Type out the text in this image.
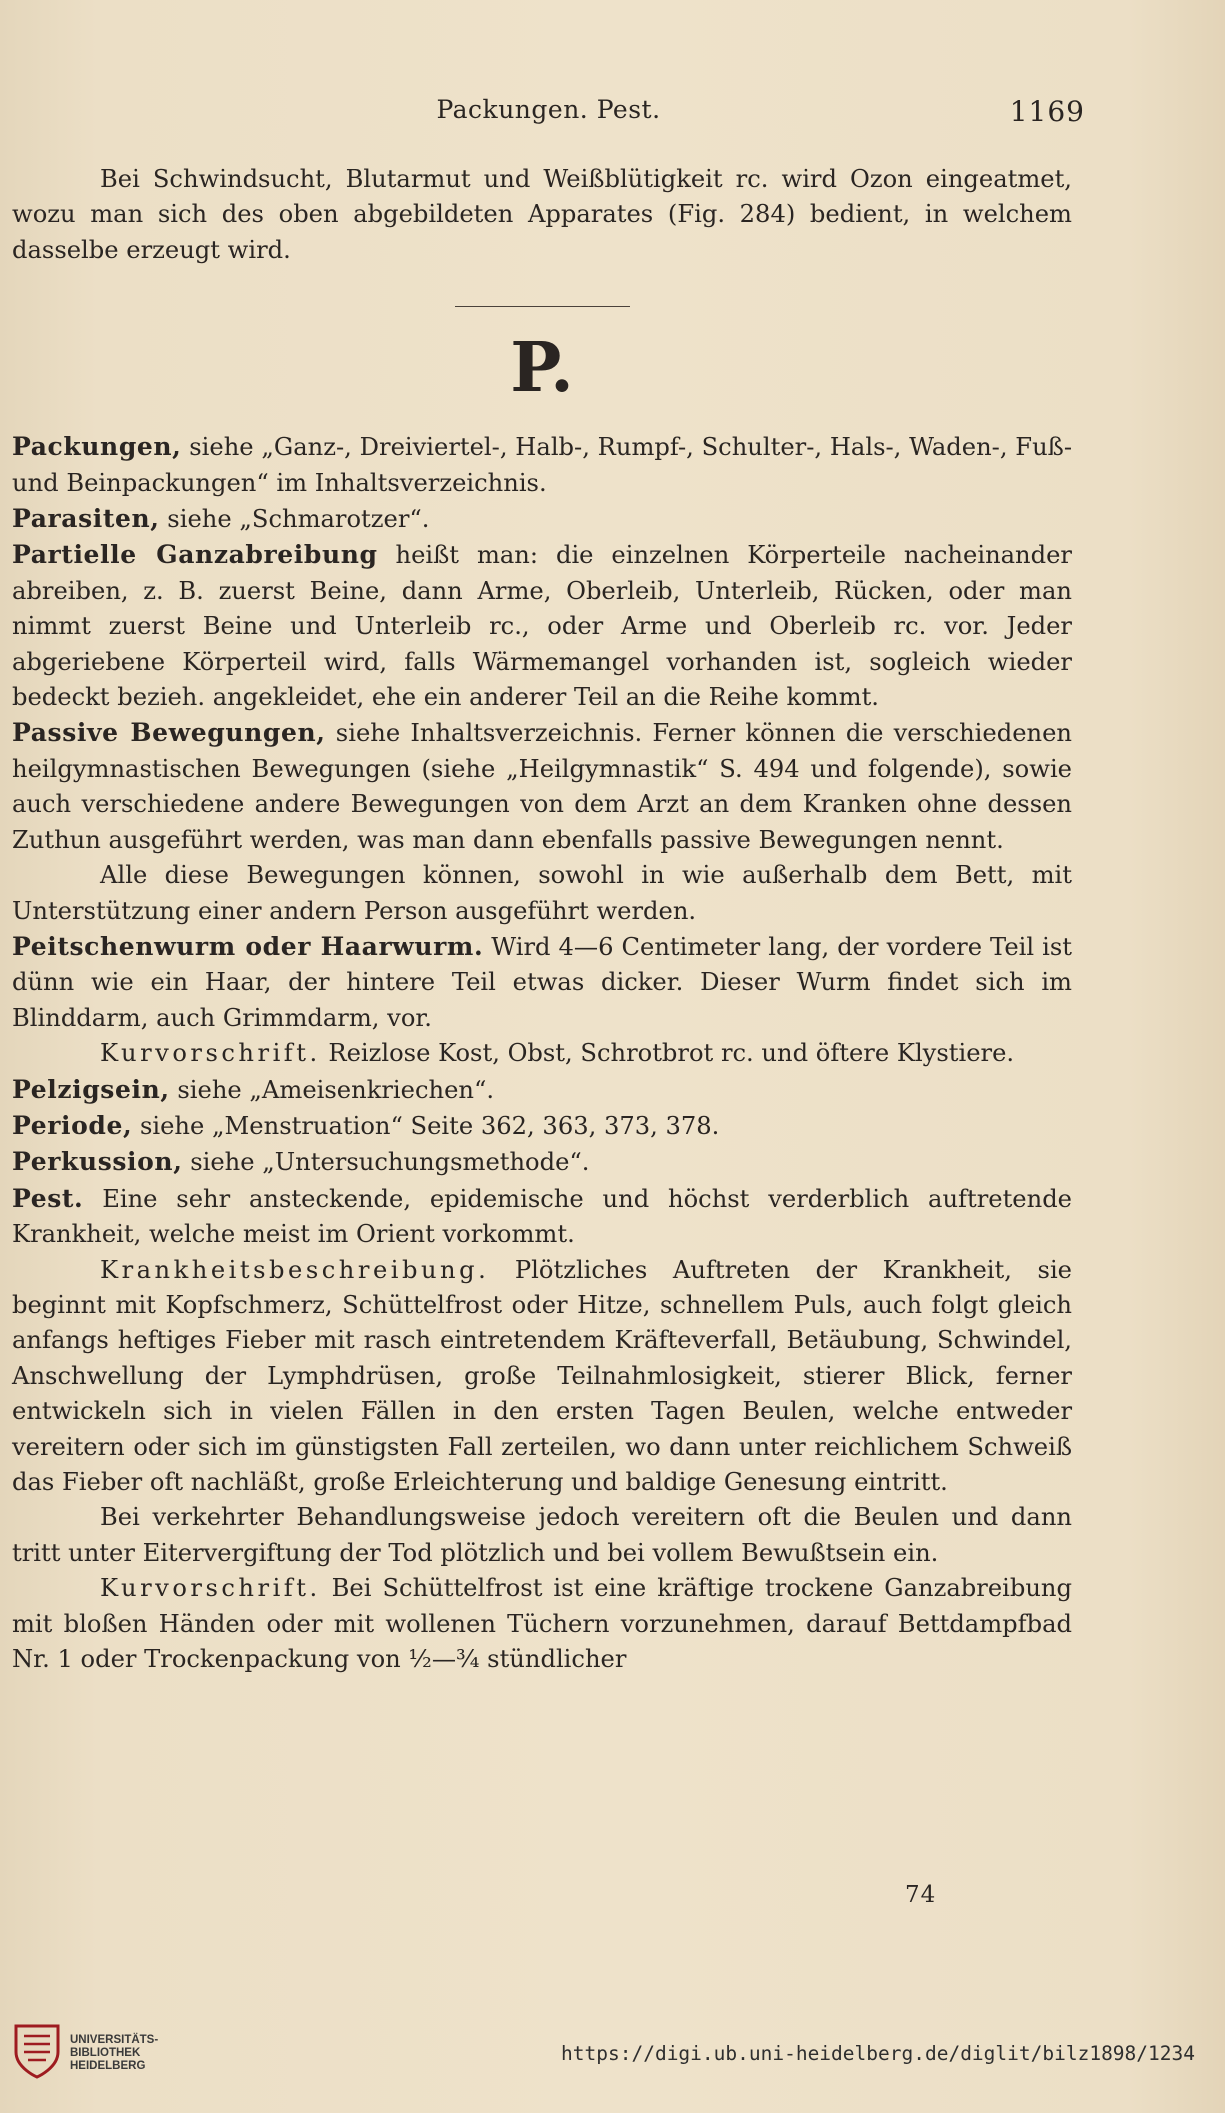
Packungen. Pest.	1169

Bei Schwindsucht, Blutarmut und Weißblütigkeit rc. wird Ozon eingeatmet, wozu man sich des oben abgebildeten Apparates (Fig. 284) bedient, in welchem dasselbe erzeugt wird.

P.

Packungen, siehe „Ganz-, Dreiviertel-, Halb-, Rumpf-, Schulter-, Hals-, Waden-, Fuß- und Beinpackungen“ im Inhaltsverzeichnis.

Parasiten, siehe „Schmarotzer“.

Partielle Ganzabreibung heißt man: die einzelnen Körperteile nacheinander abreiben, z. B. zuerst Beine, dann Arme, Oberleib, Unterleib, Rücken, oder man nimmt zuerst Beine und Unterleib rc., oder Arme und Oberleib rc. vor. Jeder abgeriebene Körperteil wird, falls Wärmemangel vorhanden ist, sogleich wieder bedeckt bezieh. angekleidet, ehe ein anderer Teil an die Reihe kommt.

Passive Bewegungen, siehe Inhaltsverzeichnis. Ferner können die verschiedenen heilgymnastischen Bewegungen (siehe „Heilgymnastik“ S. 494 und folgende), sowie auch verschiedene andere Bewegungen von dem Arzt an dem Kranken ohne dessen Zuthun ausgeführt werden, was man dann ebenfalls passive Bewegungen nennt.

Alle diese Bewegungen können, sowohl in wie außerhalb dem Bett, mit Unterstützung einer andern Person ausgeführt werden.

Peitschenwurm oder Haarwurm. Wird 4—6 Centimeter lang, der vordere Teil ist dünn wie ein Haar, der hintere Teil etwas dicker. Dieser Wurm findet sich im Blinddarm, auch Grimmdarm, vor.

Kurvorschrift. Reizlose Kost, Obst, Schrotbrot rc. und öftere Klystiere.

Pelzigsein, siehe „Ameisenkriechen“.

Periode, siehe „Menstruation“ Seite 362, 363, 373, 378.

Perkussion, siehe „Untersuchungsmethode“.

Pest. Eine sehr ansteckende, epidemische und höchst verderblich auftretende Krankheit, welche meist im Orient vorkommt.

Krankheitsbeschreibung. Plötzliches Auftreten der Krankheit, sie beginnt mit Kopfschmerz, Schüttelfrost oder Hitze, schnellem Puls, auch folgt gleich anfangs heftiges Fieber mit rasch eintretendem Kräfteverfall, Betäubung, Schwindel, Anschwellung der Lymphdrüsen, große Teilnahmlosigkeit, stierer Blick, ferner entwickeln sich in vielen Fällen in den ersten Tagen Beulen, welche entweder vereitern oder sich im günstigsten Fall zerteilen, wo dann unter reichlichem Schweiß das Fieber oft nachläßt, große Erleichterung und baldige Genesung eintritt.

Bei verkehrter Behandlungsweise jedoch vereitern oft die Beulen und dann tritt unter Eitervergiftung der Tod plötzlich und bei vollem Bewußtsein ein.

Kurvorschrift. Bei Schüttelfrost ist eine kräftige trockene Ganzabreibung mit bloßen Händen oder mit wollenen Tüchern vorzunehmen, darauf Bettdampfbad Nr. 1 oder Trockenpackung von ½—¾ stündlicher

74
UNIVERSITÄTS-
BIBLIOTHEK
HEIDELBERG
https://digi.ub.uni-heidelberg.de/diglit/bilz1898/1234
